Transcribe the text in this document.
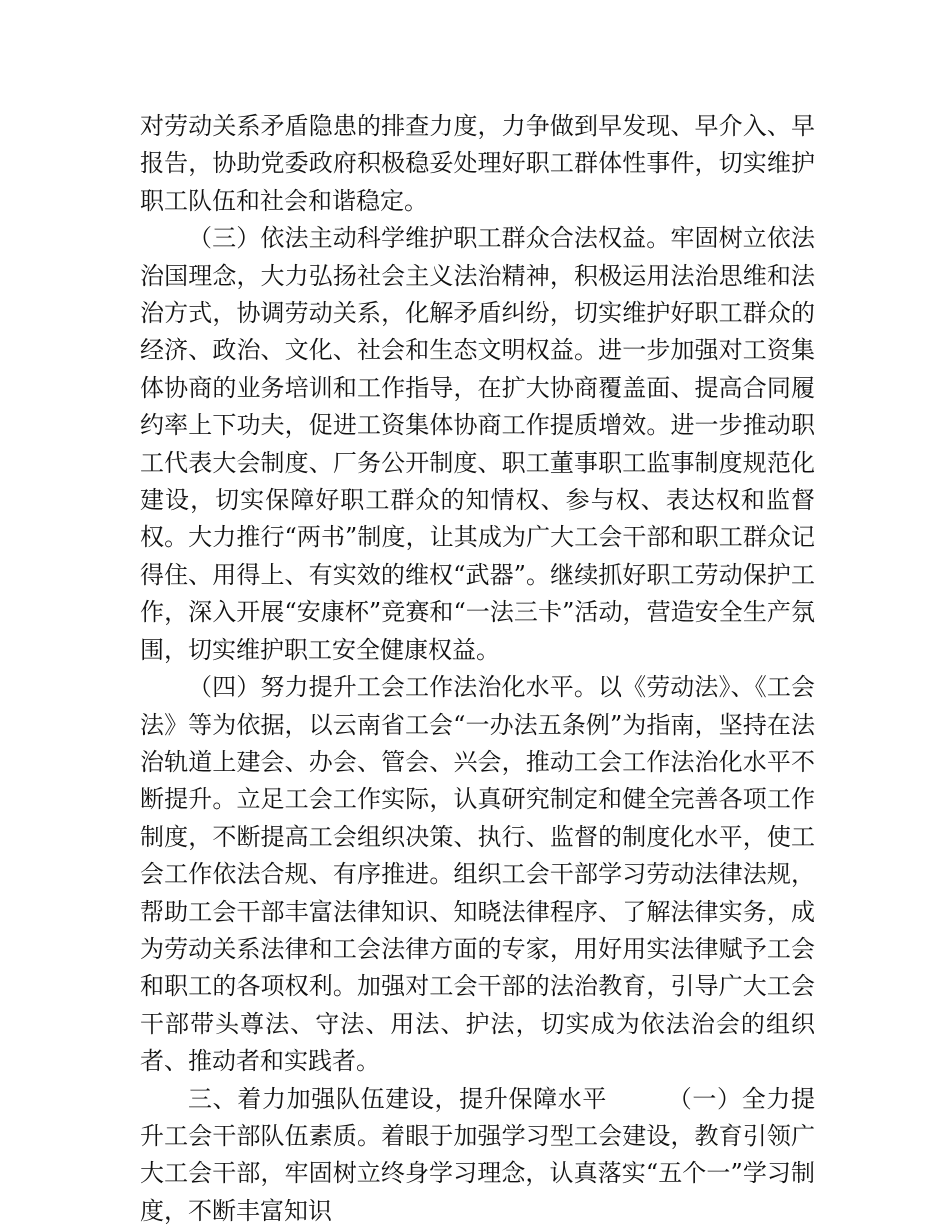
对劳动关系矛盾隐患的排查力度，力争做到早发现、早介入、早报告，协助党委政府积极稳妥处理好职工群体性事件，切实维护职工队伍和社会和谐稳定。

（三）依法主动科学维护职工群众合法权益。牢固树立依法治国理念，大力弘扬社会主义法治精神，积极运用法治思维和法治方式，协调劳动关系，化解矛盾纠纷，切实维护好职工群众的经济、政治、文化、社会和生态文明权益。进一步加强对工资集体协商的业务培训和工作指导，在扩大协商覆盖面、提高合同履约率上下功夫，促进工资集体协商工作提质增效。进一步推动职工代表大会制度、厂务公开制度、职工董事职工监事制度规范化建设，切实保障好职工群众的知情权、参与权、表达权和监督权。大力推行“两书”制度，让其成为广大工会干部和职工群众记得住、用得上、有实效的维权“武器”。继续抓好职工劳动保护工作，深入开展“安康杯”竞赛和“一法三卡”活动，营造安全生产氛围，切实维护职工安全健康权益。

（四）努力提升工会工作法治化水平。以《劳动法》、《工会法》等为依据，以云南省工会“一办法五条例”为指南，坚持在法治轨道上建会、办会、管会、兴会，推动工会工作法治化水平不断提升。立足工会工作实际，认真研究制定和健全完善各项工作制度，不断提高工会组织决策、执行、监督的制度化水平，使工会工作依法合规、有序推进。组织工会干部学习劳动法律法规，帮助工会干部丰富法律知识、知晓法律程序、了解法律实务，成为劳动关系法律和工会法律方面的专家，用好用实法律赋予工会和职工的各项权利。加强对工会干部的法治教育，引导广大工会干部带头尊法、守法、用法、护法，切实成为依法治会的组织者、推动者和实践者。

三、着力加强队伍建设，提升保障水平	（一）全力提升工会干部队伍素质。着眼于加强学习型工会建设，教育引领广大工会干部，牢固树立终身学习理念，认真落实“五个一”学习制度，不断丰富知识
